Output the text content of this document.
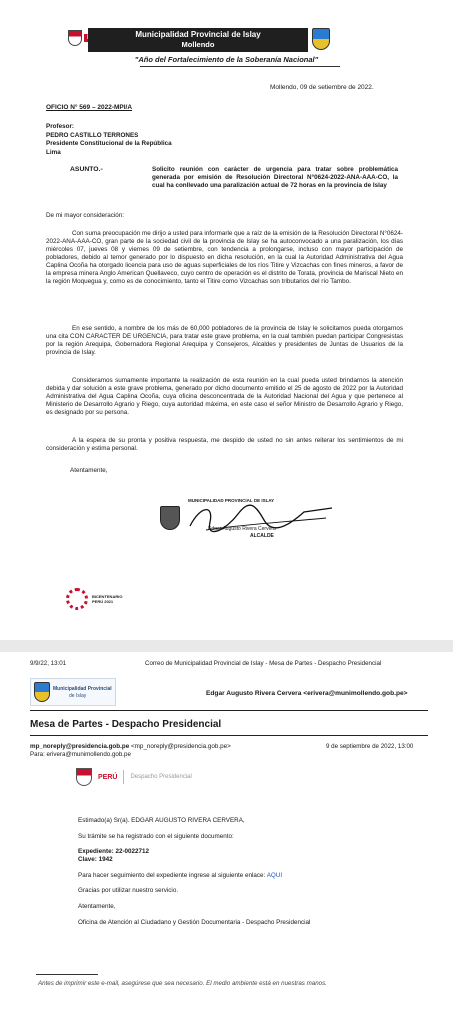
Municipalidad Provincial de Islay
Mollendo
"Año del Fortalecimiento de la Soberanía Nacional"
Mollendo, 09 de setiembre de 2022.
OFICIO N° 569 – 2022-MPI/A
Profesor:
PEDRO CASTILLO TERRONES
Presidente Constitucional de la República
Lima
ASUNTO.-	Solicito reunión con carácter de urgencia para tratar sobre problemática generada por emisión de Resolución Directoral N°0624-2022-ANA-AAA-CO, la cual ha conllevado una paralización actual de 72 horas en la provincia de Islay
De mi mayor consideración:
Con suma preocupación me dirijo a usted para informarle que a raíz de la emisión de la Resolución Directoral N°0624-2022-ANA-AAA-CO, gran parte de la sociedad civil de la provincia de Islay se ha autoconvocado a una paralización, los días miércoles 07, jueves 08 y viernes 09 de setiembre, con tendencia a prolongarse, incluso con mayor participación de pobladores, debido al temor generado por lo dispuesto en dicha resolución, en la cual la Autoridad Administrativa del Agua Caplina Ocoña ha otorgado licencia para uso de aguas superficiales de los ríos Titire y Vizcachas con fines mineros, a favor de la empresa minera Anglo American Quellaveco, cuyo centro de operación es el distrito de Torata, provincia de Mariscal Nieto en la región Moquegua y, como es de conocimiento, tanto el Titire como Vizcachas son tributarios del río Tambo.
En ese sentido, a nombre de los más de 60,000 pobladores de la provincia de Islay le solicitamos pueda otorgarnos una cita CON CARACTER DE URGENCIA, para tratar este grave problema, en la cual también puedan participar Congresistas por la región Arequipa, Gobernadora Regional Arequipa y Consejeros, Alcaldes y presidentes de Juntas de Usuarios de la provincia de Islay.
Consideramos sumamente importante la realización de esta reunión en la cual pueda usted brindarnos la atención debida y dar solución a este grave problema, generado por dicho documento emitido el 25 de agosto de 2022 por la Autoridad Administrativa del Agua Caplina Ocoña, cuya oficina desconcentrada de la Autoridad Nacional del Agua y que pertenece al Ministerio de Desarrollo Agrario y Riego, cuya autoridad máxima, en este caso el señor Ministro de Desarrollo Agrario y Riego, es designado por su persona.
A la espera de su pronta y positiva respuesta, me despido de usted no sin antes reiterar los sentimientos de mi consideración y estima personal.
Atentamente,
MUNICIPALIDAD PROVINCIAL DE ISLAY
Edgar Augusto Rivera Cervera
ALCALDE
BICENTENARIO
PERÚ 2021
9/9/22, 13:01	Correo de Municipalidad Provincial de Islay - Mesa de Partes - Despacho Presidencial
Municipalidad Provincial
de Islay	Edgar Augusto Rivera Cervera <erivera@munimollendo.gob.pe>
Mesa de Partes - Despacho Presidencial
mp_noreply@presidencia.gob.pe <mp_noreply@presidencia.gob.pe>	9 de septiembre de 2022, 13:00
Para: erivera@munimollendo.gob.pe
PERÚ Despacho Presidencial
Estimado(a) Sr(a). EDGAR AUGUSTO RIVERA CERVERA,
Su trámite se ha registrado con el siguiente documento:
Expediente: 22-0022712
Clave: 1942
Para hacer seguimiento del expediente ingrese al siguiente enlace: AQUI
Gracias por utilizar nuestro servicio.
Atentamente,
Oficina de Atención al Ciudadano y Gestión Documentaria - Despacho Presidencial
Antes de imprimir este e-mail, asegúrese que sea necesario. El medio ambiente está en nuestras manos.
